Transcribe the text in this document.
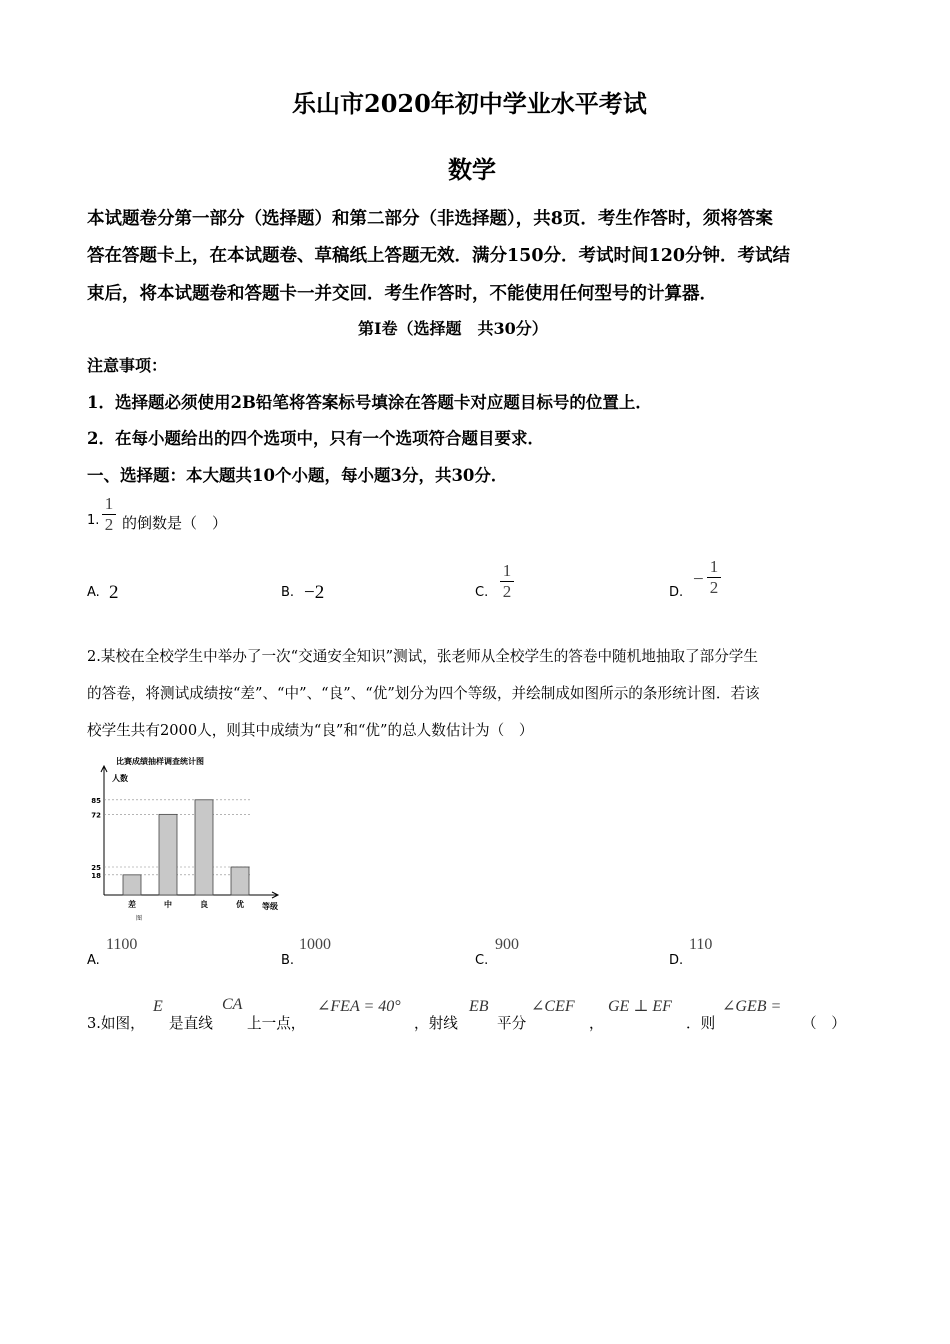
乐山市2020年初中学业水平考试
数学
本试题卷分第一部分（选择题）和第二部分（非选择题），共8页．考生作答时，须将答案
答在答题卡上，在本试题卷、草稿纸上答题无效．满分150分．考试时间120分钟．考试结
束后，将本试题卷和答题卡一并交回．考生作答时，不能使用任何型号的计算器．
第I卷（选择题　共30分）
注意事项：
1．选择题必须使用2B铅笔将答案标号填涂在答题卡对应题目标号的位置上．
2．在每小题给出的四个选项中，只有一个选项符合题目要求．
一、选择题：本大题共10个小题，每小题3分，共30分．
1.
1
2 的倒数是（　）
A. 2	B. −2	C.
1
2	D.
−
1
2
2.某校在全校学生中举办了一次“交通安全知识”测试，张老师从全校学生的答卷中随机地抽取了部分学生
的答卷，将测试成绩按“差”、“中”、“良”、“优”划分为四个等级，并绘制成如图所示的条形统计图．若该
校学生共有2000人，则其中成绩为“良”和“优”的总人数估计为（　）
比赛成绩抽样调查统计图
人数
等级
图
18
25
72
85
差	中	良	优
A.
1100
B.
1000
C.
900
D.
110
3.如图，
E
是直线
CA
上一点，
∠FEA = 40°
，射线
EB
平分
∠CEF
，
GE ⊥ EF
．则
∠GEB =
（　）
